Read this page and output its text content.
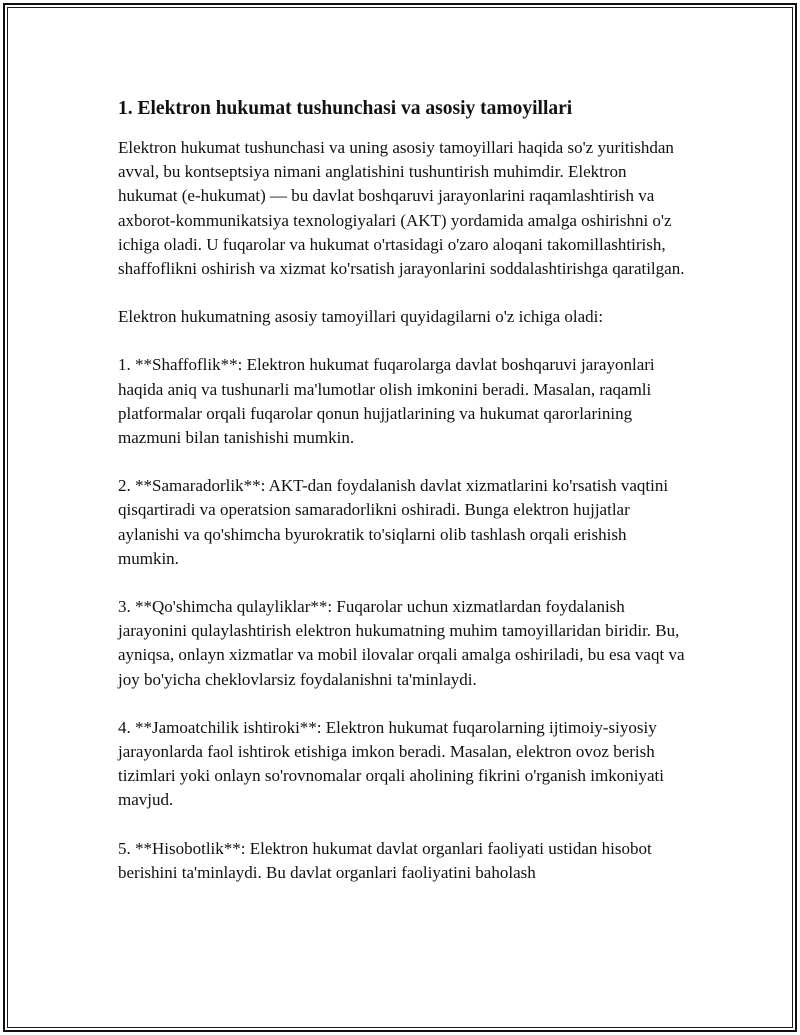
1. Elektron hukumat tushunchasi va asosiy tamoyillari

Elektron hukumat tushunchasi va uning asosiy tamoyillari haqida so'z yuritishdan avval, bu kontseptsiya nimani anglatishini tushuntirish muhimdir. Elektron hukumat (e-hukumat) — bu davlat boshqaruvi jarayonlarini raqamlashtirish va axborot-kommunikatsiya texnologiyalari (AKT) yordamida amalga oshirishni o'z ichiga oladi. U fuqarolar va hukumat o'rtasidagi o'zaro aloqani takomillashtirish, shaffoflikni oshirish va xizmat ko'rsatish jarayonlarini soddalashtirishga qaratilgan.

Elektron hukumatning asosiy tamoyillari quyidagilarni o'z ichiga oladi:

1. **Shaffoflik**: Elektron hukumat fuqarolarga davlat boshqaruvi jarayonlari haqida aniq va tushunarli ma'lumotlar olish imkonini beradi. Masalan, raqamli platformalar orqali fuqarolar qonun hujjatlarining va hukumat qarorlarining mazmuni bilan tanishishi mumkin.

2. **Samaradorlik**: AKT-dan foydalanish davlat xizmatlarini ko'rsatish vaqtini qisqartiradi va operatsion samaradorlikni oshiradi. Bunga elektron hujjatlar aylanishi va qo'shimcha byurokratik to'siqlarni olib tashlash orqali erishish mumkin.

3. **Qo'shimcha qulayliklar**: Fuqarolar uchun xizmatlardan foydalanish jarayonini qulaylashtirish elektron hukumatning muhim tamoyillaridan biridir. Bu, ayniqsa, onlayn xizmatlar va mobil ilovalar orqali amalga oshiriladi, bu esa vaqt va joy bo'yicha cheklovlarsiz foydalanishni ta'minlaydi.

4. **Jamoatchilik ishtiroki**: Elektron hukumat fuqarolarning ijtimoiy-siyosiy jarayonlarda faol ishtirok etishiga imkon beradi. Masalan, elektron ovoz berish tizimlari yoki onlayn so'rovnomalar orqali aholining fikrini o'rganish imkoniyati mavjud.

5. **Hisobotlik**: Elektron hukumat davlat organlari faoliyati ustidan hisobot berishini ta'minlaydi. Bu davlat organlari faoliyatini baholash
